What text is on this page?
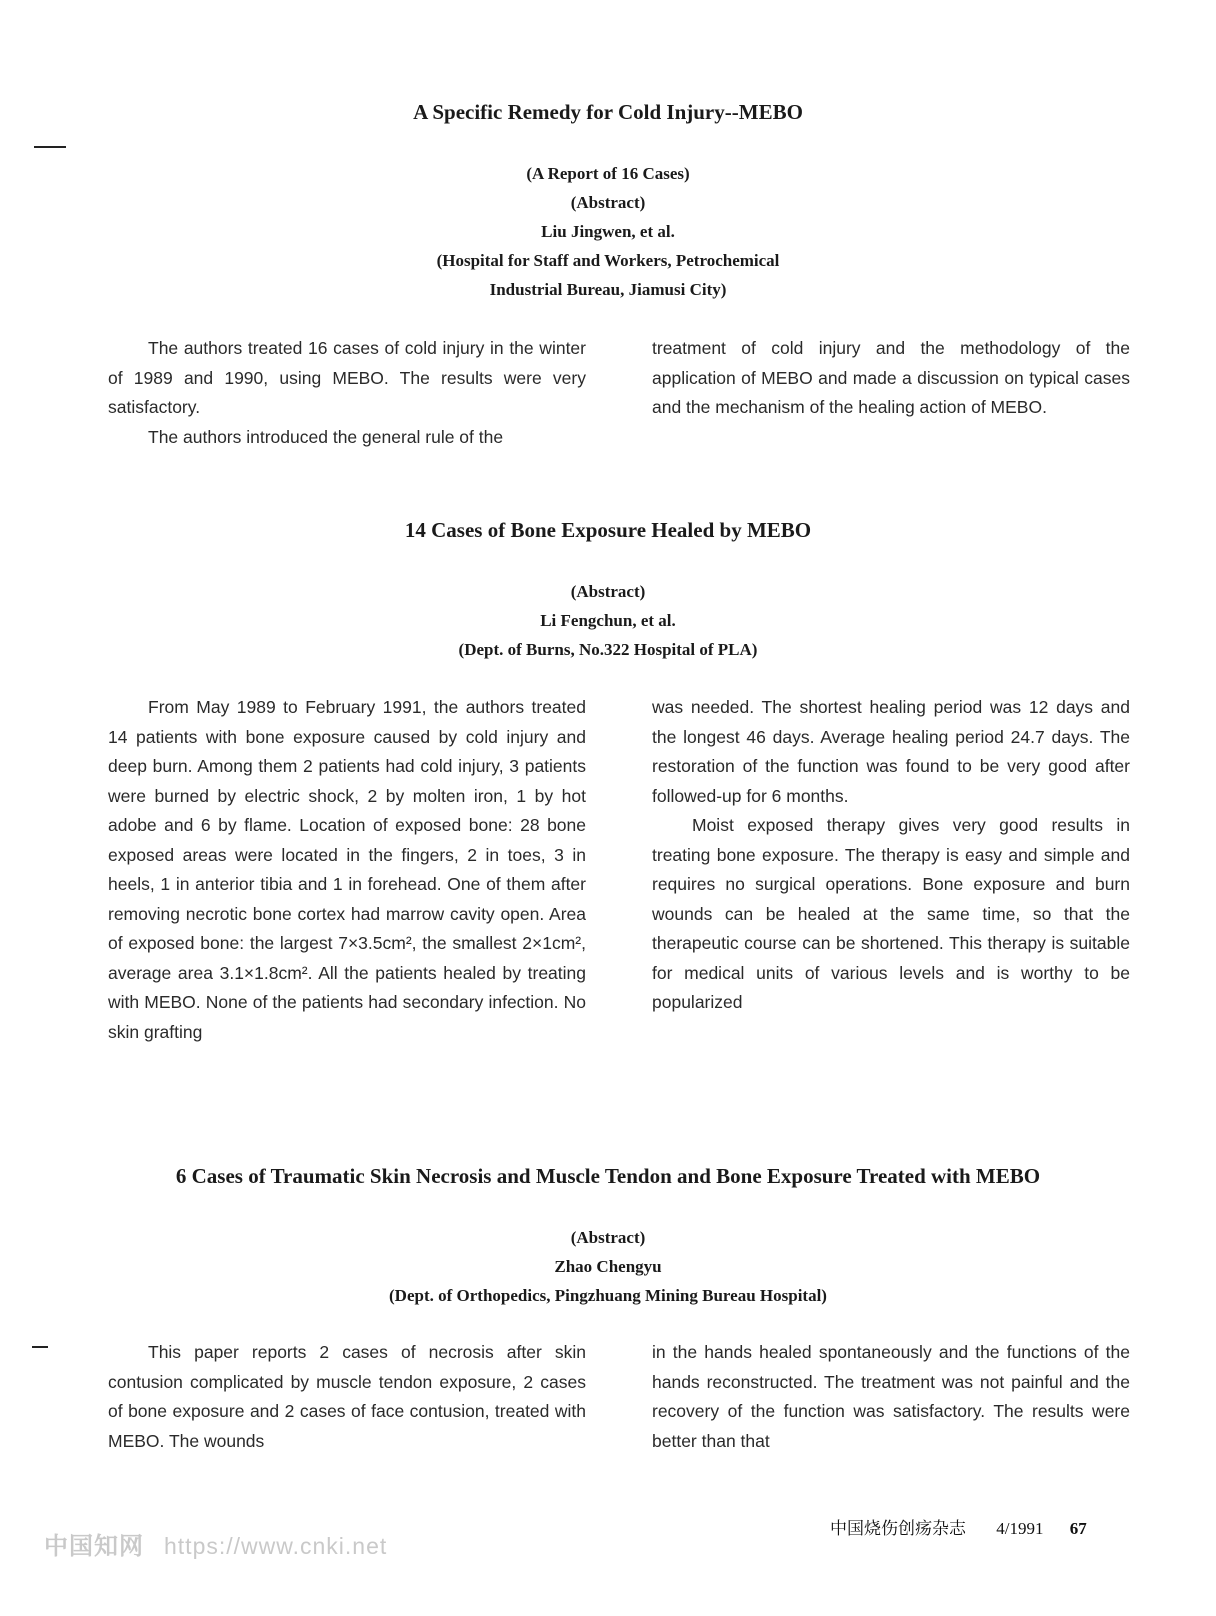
A Specific Remedy for Cold Injury--MEBO
(A Report of 16 Cases)
(Abstract)
Liu Jingwen, et al.
(Hospital for Staff and Workers, Petrochemical
Industrial Bureau, Jiamusi City)

The authors treated 16 cases of cold injury in the winter of 1989 and 1990, using MEBO. The results were very satisfactory.

The authors introduced the general rule of the

treatment of cold injury and the methodology of the application of MEBO and made a discussion on typical cases and the mechanism of the healing action of MEBO.

14 Cases of Bone Exposure Healed by MEBO
(Abstract)
Li Fengchun, et al.
(Dept. of Burns, No.322 Hospital of PLA)

From May 1989 to February 1991, the authors treated 14 patients with bone exposure caused by cold injury and deep burn. Among them 2 patients had cold injury, 3 patients were burned by electric shock, 2 by molten iron, 1 by hot adobe and 6 by flame. Location of exposed bone: 28 bone exposed areas were located in the fingers, 2 in toes, 3 in heels, 1 in anterior tibia and 1 in forehead. One of them after removing necrotic bone cortex had marrow cavity open. Area of exposed bone: the largest 7×3.5cm², the smallest 2×1cm², average area 3.1×1.8cm². All the patients healed by treating with MEBO. None of the patients had secondary infection. No skin grafting

was needed. The shortest healing period was 12 days and the longest 46 days. Average healing period 24.7 days. The restoration of the function was found to be very good after followed-up for 6 months.

Moist exposed therapy gives very good results in treating bone exposure. The therapy is easy and simple and requires no surgical operations. Bone exposure and burn wounds can be healed at the same time, so that the therapeutic course can be shortened. This therapy is suitable for medical units of various levels and is worthy to be popularized

6 Cases of Traumatic Skin Necrosis and Muscle Tendon and Bone Exposure Treated with MEBO
(Abstract)
Zhao Chengyu
(Dept. of Orthopedics, Pingzhuang Mining Bureau Hospital)

This paper reports 2 cases of necrosis after skin contusion complicated by muscle tendon exposure, 2 cases of bone exposure and 2 cases of face contusion, treated with MEBO. The wounds

in the hands healed spontaneously and the functions of the hands reconstructed. The treatment was not painful and the recovery of the function was satisfactory. The results were better than that

中国烧伤创疡杂志 4/1991 67
中国知网 https://www.cnki.net
